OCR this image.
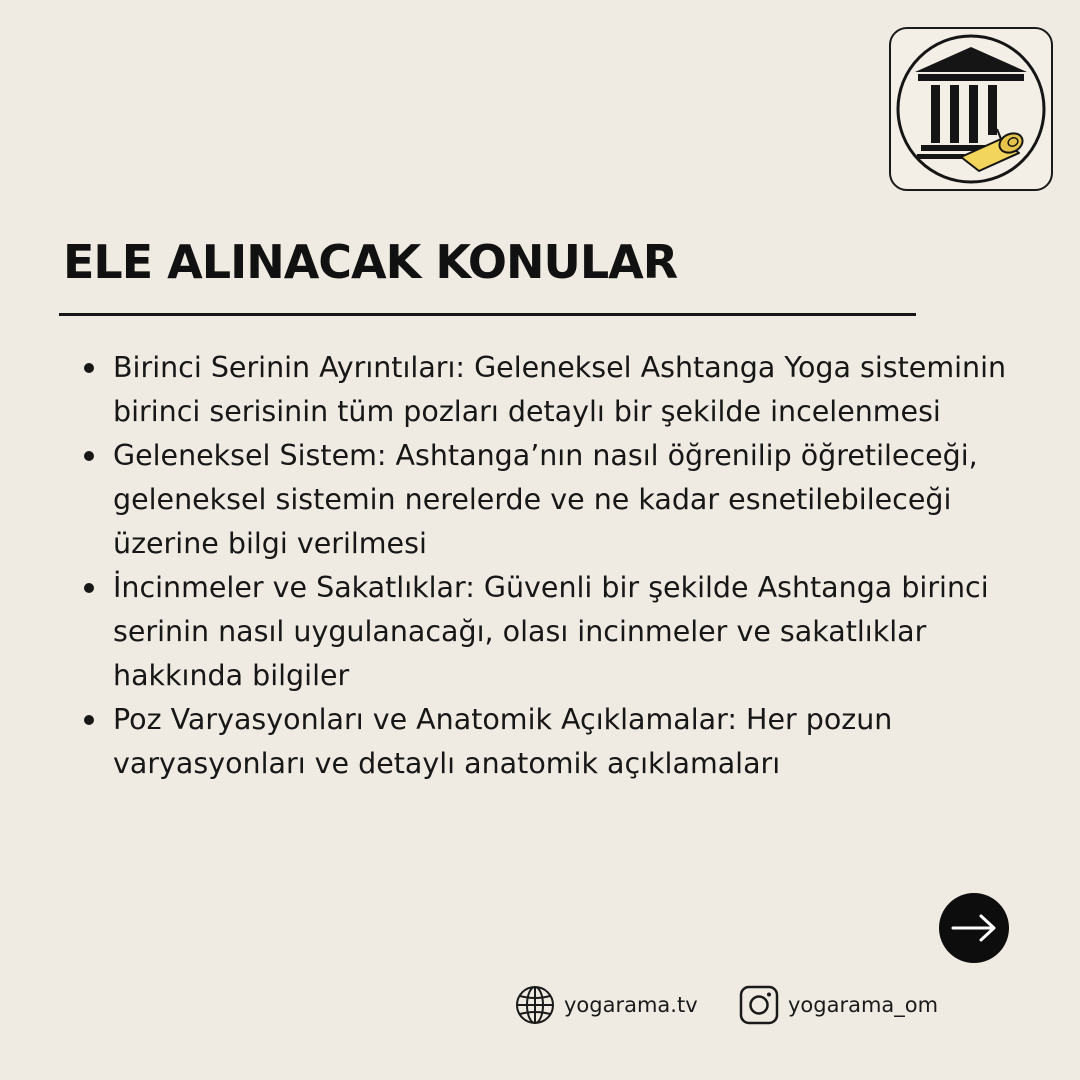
ELE ALINACAK KONULAR
Birinci Serinin Ayrıntıları: Geleneksel Ashtanga Yoga sisteminin birinci serisinin tüm pozları detaylı bir şekilde incelenmesi
Geleneksel Sistem: Ashtanga’nın nasıl öğrenilip öğretileceği, geleneksel sistemin nerelerde ve ne kadar esnetilebileceği üzerine bilgi verilmesi
İncinmeler ve Sakatlıklar: Güvenli bir şekilde Ashtanga birinci serinin nasıl uygulanacağı, olası incinmeler ve sakatlıklar hakkında bilgiler
Poz Varyasyonları ve Anatomik Açıklamalar: Her pozun varyasyonları ve detaylı anatomik açıklamaları
yogarama.tv	yogarama_om
